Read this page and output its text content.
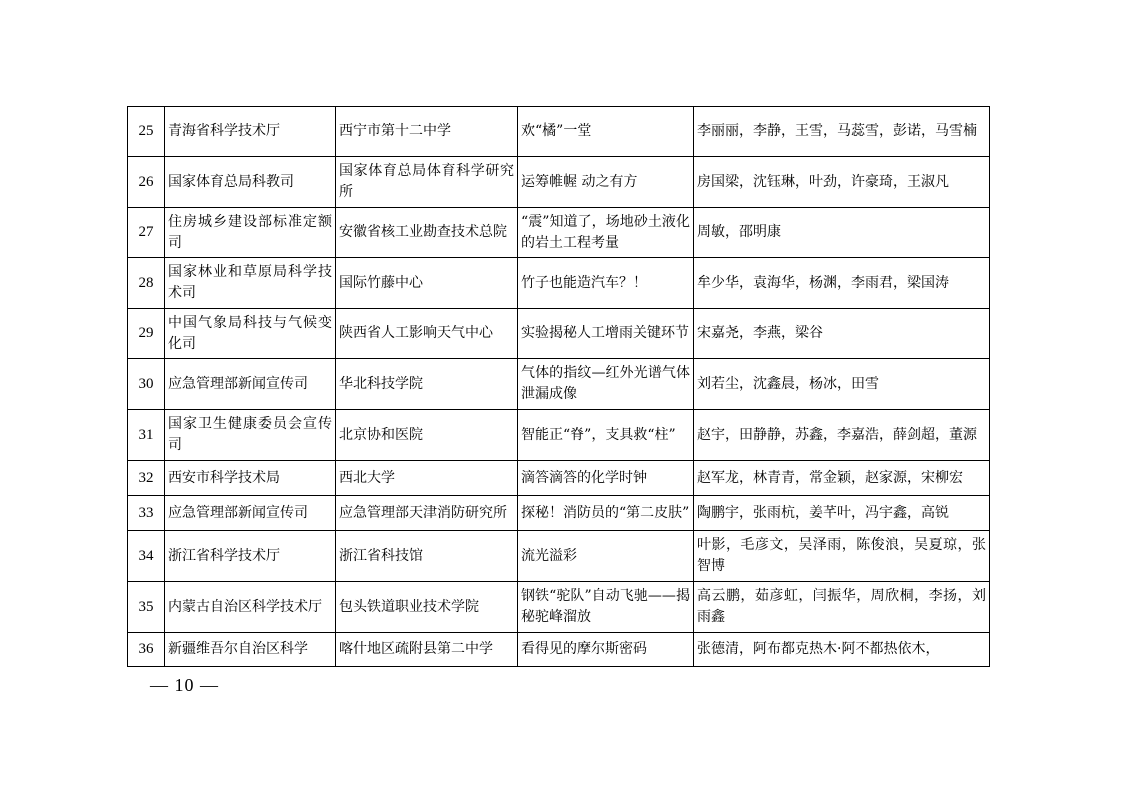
25	青海省科学技术厅	西宁市第十二中学	欢“橘”一堂	李丽丽，李静，王雪，马蕊雪，彭诺，马雪楠
26	国家体育总局科教司	国家体育总局体育科学研究所	运筹帷幄 动之有方	房国梁，沈钰琳，叶劲，许豪琦，王淑凡
27	住房城乡建设部标准定额司	安徽省核工业勘查技术总院	“震”知道了，场地砂土液化的岩土工程考量	周敏，邵明康
28	国家林业和草原局科学技术司	国际竹藤中心	竹子也能造汽车？！	牟少华，袁海华，杨渊，李雨君，梁国涛
29	中国气象局科技与气候变化司	陕西省人工影响天气中心	实验揭秘人工增雨关键环节	宋嘉尧，李燕，梁谷
30	应急管理部新闻宣传司	华北科技学院	气体的指纹—红外光谱气体泄漏成像	刘若尘，沈鑫晨，杨冰，田雪
31	国家卫生健康委员会宣传司	北京协和医院	智能正“脊”，支具救“柱”	赵宇，田静静，苏鑫，李嘉浩，薛剑超，董源
32	西安市科学技术局	西北大学	滴答滴答的化学时钟	赵军龙，林青青，常金颖，赵家源，宋柳宏
33	应急管理部新闻宣传司	应急管理部天津消防研究所	探秘！消防员的“第二皮肤”	陶鹏宇，张雨杭，姜芊叶，冯宇鑫，高锐
34	浙江省科学技术厅	浙江省科技馆	流光溢彩	叶影，毛彦文，吴泽雨，陈俊浪，吴夏琼，张智博
35	内蒙古自治区科学技术厅	包头铁道职业技术学院	钢铁“驼队”自动飞驰——揭秘驼峰溜放	高云鹏，茹彦虹，闫振华，周欣桐，李扬，刘雨鑫
36	新疆维吾尔自治区科学	喀什地区疏附县第二中学	看得见的摩尔斯密码	张德清，阿布都克热木·阿不都热依木，
— 10 —
